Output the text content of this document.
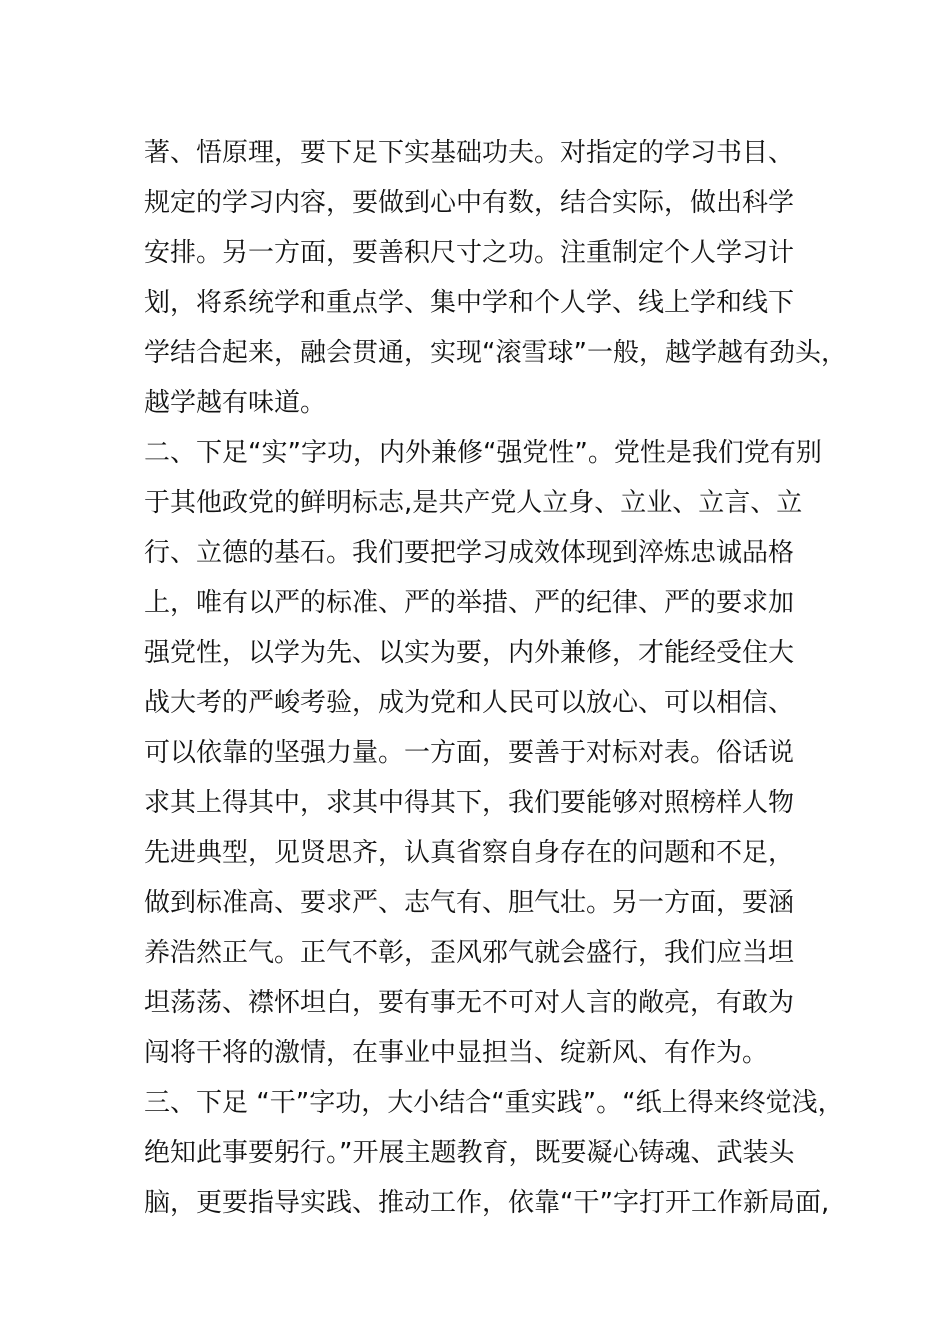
著、悟原理，要下足下实基础功夫。对指定的学习书目、
规定的学习内容，要做到心中有数，结合实际，做出科学
安排。另一方面，要善积尺寸之功。注重制定个人学习计
划，将系统学和重点学、集中学和个人学、线上学和线下
学结合起来，融会贯通，实现“滚雪球”一般，越学越有劲头，
越学越有味道。
二、下足“实”字功，内外兼修“强党性”。党性是我们党有别
于其他政党的鲜明标志,是共产党人立身、立业、立言、立
行、立德的基石。我们要把学习成效体现到淬炼忠诚品格
上，唯有以严的标准、严的举措、严的纪律、严的要求加
强党性，以学为先、以实为要，内外兼修，才能经受住大
战大考的严峻考验，成为党和人民可以放心、可以相信、
可以依靠的坚强力量。一方面，要善于对标对表。俗话说
求其上得其中，求其中得其下，我们要能够对照榜样人物
先进典型，见贤思齐，认真省察自身存在的问题和不足，
做到标准高、要求严、志气有、胆气壮。另一方面，要涵
养浩然正气。正气不彰，歪风邪气就会盛行，我们应当坦
坦荡荡、襟怀坦白，要有事无不可对人言的敞亮，有敢为
闯将干将的激情，在事业中显担当、绽新风、有作为。
三、下足 “干”字功，大小结合“重实践”。“纸上得来终觉浅，
绝知此事要躬行。”开展主题教育，既要凝心铸魂、武装头
脑，更要指导实践、推动工作，依靠“干”字打开工作新局面,
